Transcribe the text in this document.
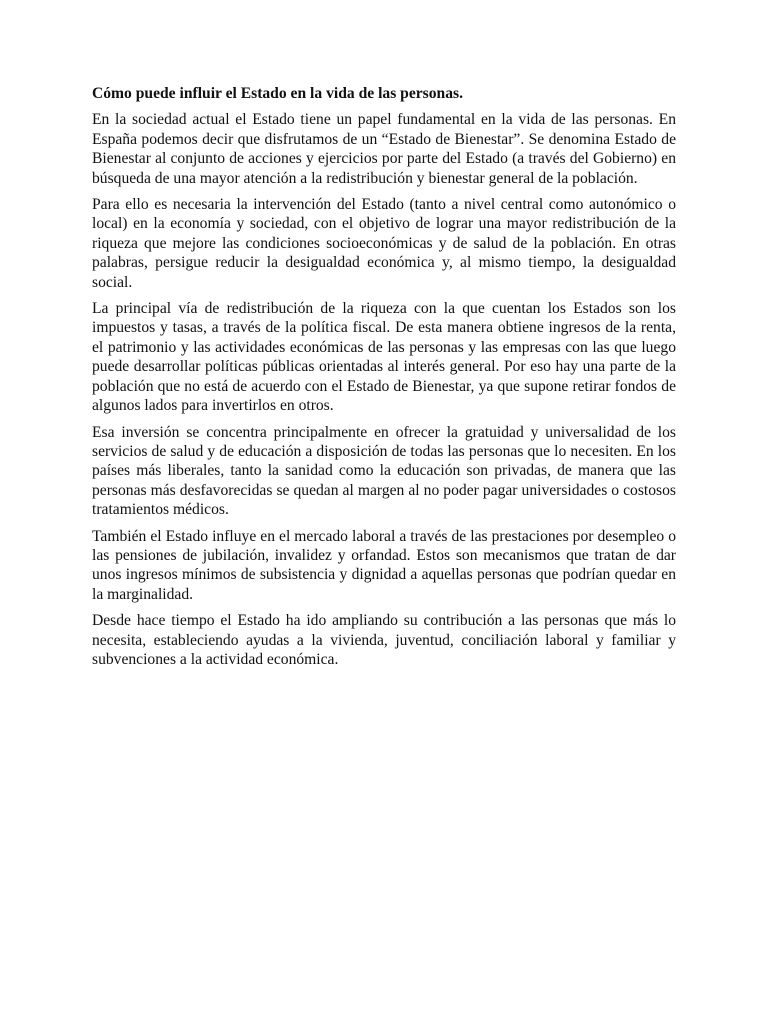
Cómo puede influir el Estado en la vida de las personas.

En la sociedad actual el Estado tiene un papel fundamental en la vida de las personas. En España podemos decir que disfrutamos de un “Estado de Bienestar”. Se denomina Estado de Bienestar al conjunto de acciones y ejercicios por parte del Estado (a través del Gobierno) en búsqueda de una mayor atención a la redistribución y bienestar general de la población.

Para ello es necesaria la intervención del Estado (tanto a nivel central como autonómico o local) en la economía y sociedad, con el objetivo de lograr una mayor redistribución de la riqueza que mejore las condiciones socioeconómicas y de salud de la población. En otras palabras, persigue reducir la desigualdad económica y, al mismo tiempo, la desigualdad social.

La principal vía de redistribución de la riqueza con la que cuentan los Estados son los impuestos y tasas, a través de la política fiscal. De esta manera obtiene ingresos de la renta, el patrimonio y las actividades económicas de las personas y las empresas con las que luego puede desarrollar políticas públicas orientadas al interés general. Por eso hay una parte de la población que no está de acuerdo con el Estado de Bienestar, ya que supone retirar fondos de algunos lados para invertirlos en otros.

Esa inversión se concentra principalmente en ofrecer la gratuidad y universalidad de los servicios de salud y de educación a disposición de todas las personas que lo necesiten. En los países más liberales, tanto la sanidad como la educación son privadas, de manera que las personas más desfavorecidas se quedan al margen al no poder pagar universidades o costosos tratamientos médicos.

También el Estado influye en el mercado laboral a través de las prestaciones por desempleo o las pensiones de jubilación, invalidez y orfandad. Estos son mecanismos que tratan de dar unos ingresos mínimos de subsistencia y dignidad a aquellas personas que podrían quedar en la marginalidad.

Desde hace tiempo el Estado ha ido ampliando su contribución a las personas que más lo necesita, estableciendo ayudas a la vivienda, juventud, conciliación laboral y familiar y subvenciones a la actividad económica.
